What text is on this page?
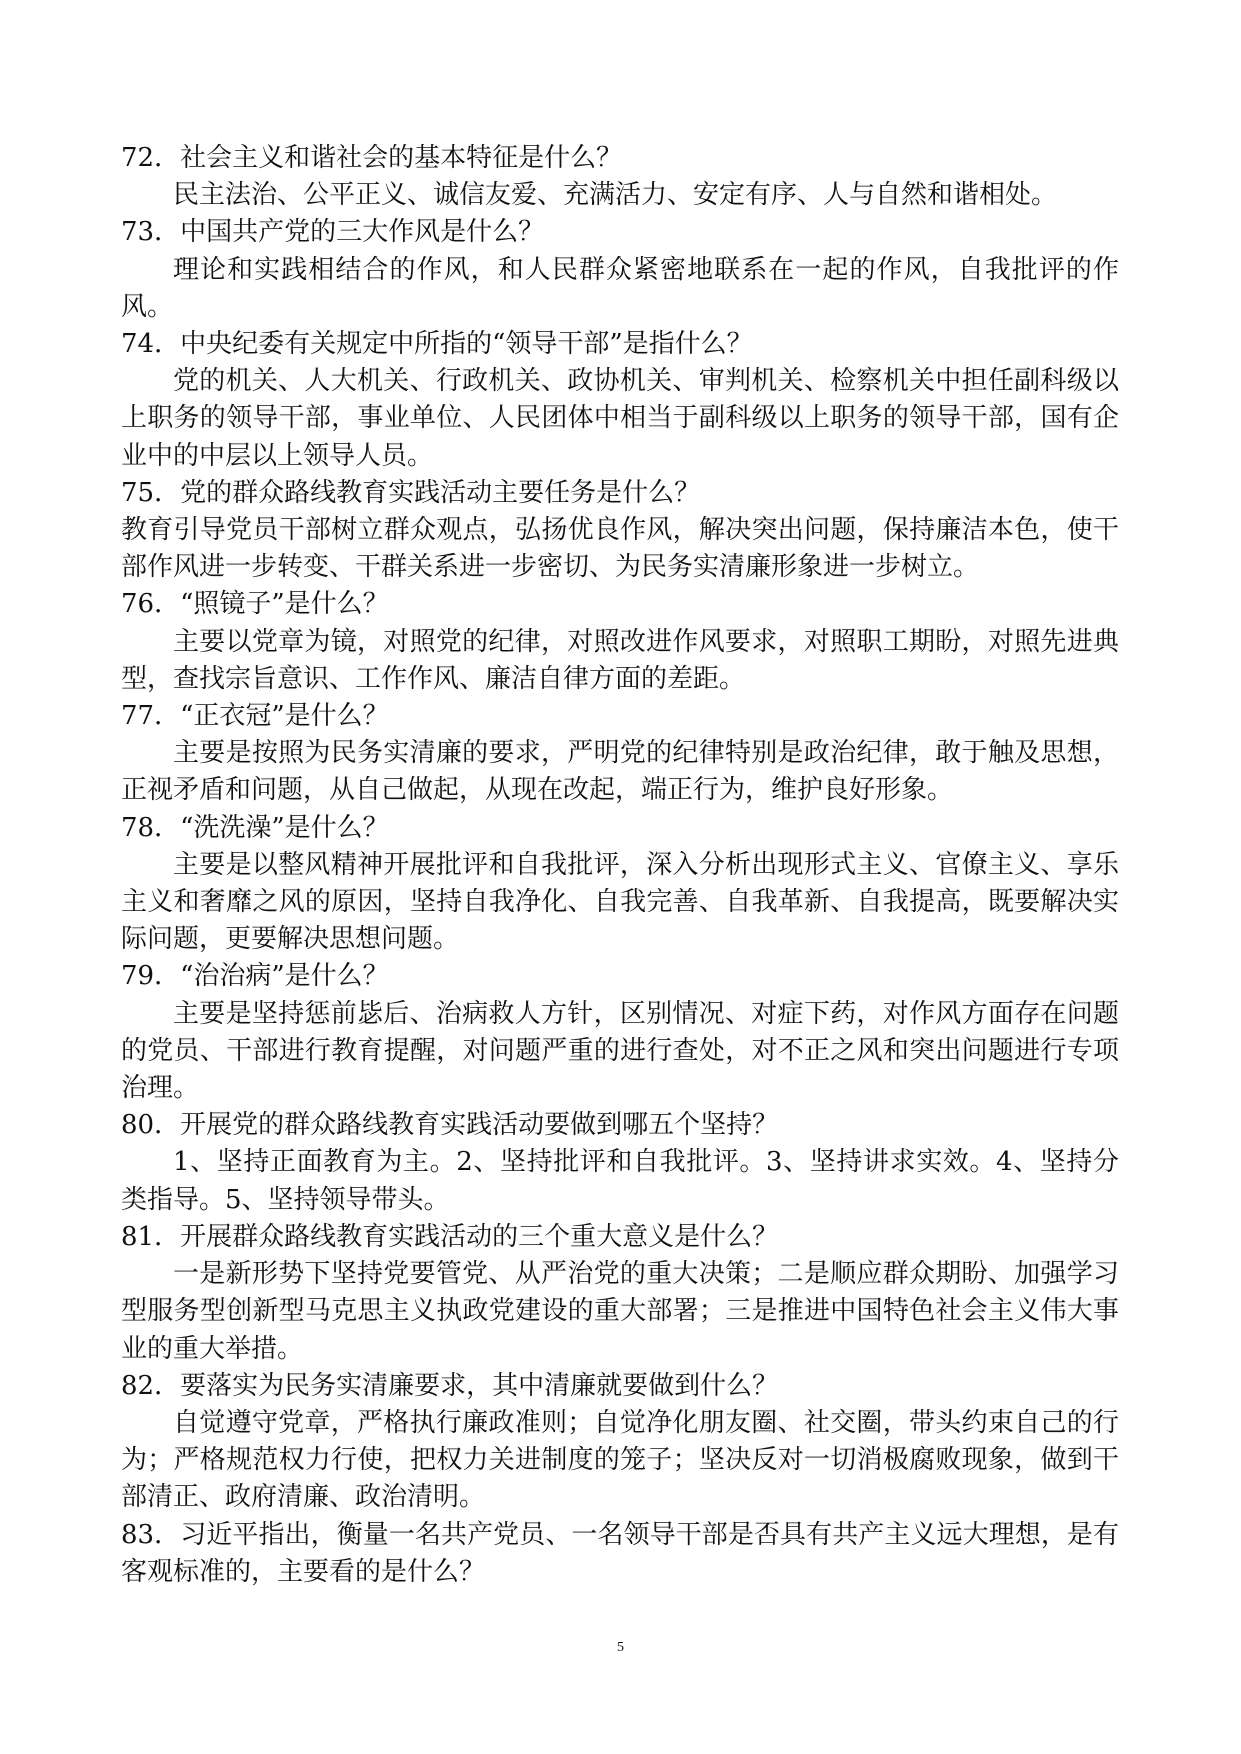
72．社会主义和谐社会的基本特征是什么？

民主法治、公平正义、诚信友爱、充满活力、安定有序、人与自然和谐相处。

73．中国共产党的三大作风是什么？

理论和实践相结合的作风，和人民群众紧密地联系在一起的作风，自我批评的作风。

74．中央纪委有关规定中所指的“领导干部”是指什么？

党的机关、人大机关、行政机关、政协机关、审判机关、检察机关中担任副科级以上职务的领导干部，事业单位、人民团体中相当于副科级以上职务的领导干部，国有企业中的中层以上领导人员。

75．党的群众路线教育实践活动主要任务是什么？

教育引导党员干部树立群众观点，弘扬优良作风，解决突出问题，保持廉洁本色，使干部作风进一步转变、干群关系进一步密切、为民务实清廉形象进一步树立。

76．“照镜子”是什么？

主要以党章为镜，对照党的纪律，对照改进作风要求，对照职工期盼，对照先进典型，查找宗旨意识、工作作风、廉洁自律方面的差距。

77．“正衣冠”是什么？

主要是按照为民务实清廉的要求，严明党的纪律特别是政治纪律，敢于触及思想，正视矛盾和问题，从自己做起，从现在改起，端正行为，维护良好形象。

78．“洗洗澡”是什么？

主要是以整风精神开展批评和自我批评，深入分析出现形式主义、官僚主义、享乐主义和奢靡之风的原因，坚持自我净化、自我完善、自我革新、自我提高，既要解决实际问题，更要解决思想问题。

79．“治治病”是什么？

主要是坚持惩前毖后、治病救人方针，区别情况、对症下药，对作风方面存在问题的党员、干部进行教育提醒，对问题严重的进行查处，对不正之风和突出问题进行专项治理。

80．开展党的群众路线教育实践活动要做到哪五个坚持？

1、坚持正面教育为主。2、坚持批评和自我批评。3、坚持讲求实效。4、坚持分类指导。5、坚持领导带头。

81．开展群众路线教育实践活动的三个重大意义是什么？

一是新形势下坚持党要管党、从严治党的重大决策；二是顺应群众期盼、加强学习型服务型创新型马克思主义执政党建设的重大部署；三是推进中国特色社会主义伟大事业的重大举措。

82．要落实为民务实清廉要求，其中清廉就要做到什么？

自觉遵守党章，严格执行廉政准则；自觉净化朋友圈、社交圈，带头约束自己的行为；严格规范权力行使，把权力关进制度的笼子；坚决反对一切消极腐败现象，做到干部清正、政府清廉、政治清明。

83．习近平指出，衡量一名共产党员、一名领导干部是否具有共产主义远大理想，是有客观标准的，主要看的是什么？

5
